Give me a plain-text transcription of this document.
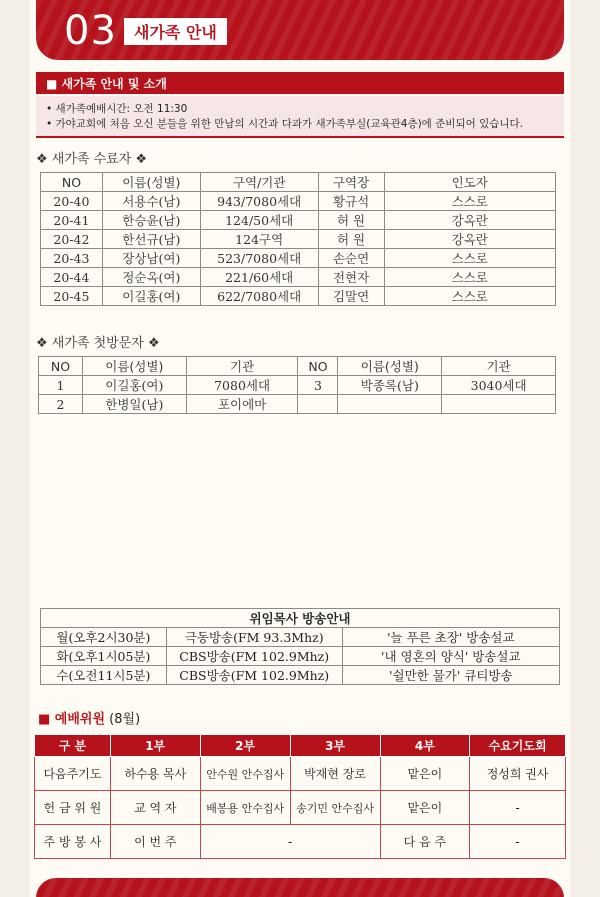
03	새가족 안내
■ 새가족 안내 및 소개
• 새가족예배시간: 오전 11:30
• 가야교회에 처음 오신 분들을 위한 만남의 시간과 다과가 새가족부실(교육관4층)에 준비되어 있습니다.
❖ 새가족 수료자 ❖
NO	이름(성별)	구역/기관	구역장	인도자
20-40	서용수(남)	943/7080세대	황규석	스스로
20-41	한승윤(남)	124/50세대	허 원	강옥란
20-42	한선규(남)	124구역	허 원	강옥란
20-43	장상남(여)	523/7080세대	손순연	스스로
20-44	정순옥(여)	221/60세대	전현자	스스로
20-45	이길홍(여)	622/7080세대	김말연	스스로
❖ 새가족 첫방문자 ❖
NO	이름(성별)	기관	NO	이름(성별)	기관
1	이길홍(여)	7080세대	3	박종록(남)	3040세대
2	한병일(남)	포이에마			
위임목사 방송안내		
월(오후2시30분)	극동방송(FM 93.3Mhz)	'늘 푸른 초장' 방송설교
화(오후1시05분)	CBS방송(FM 102.9Mhz)	'내 영혼의 양식' 방송설교
수(오전11시5분)	CBS방송(FM 102.9Mhz)	'쉴만한 물가' 큐티방송
■ 예배위원 (8월)
구 분	1부	2부	3부	4부	수요기도회
다음주기도	하수용 목사	안수원 안수집사	박재현 장로	맡은이	정성희 권사
헌 금 위 원	교 역 자	배봉용 안수집사	송기민 안수집사	맡은이	-
주 방 봉 사	이 번 주	-		다 음 주	-
